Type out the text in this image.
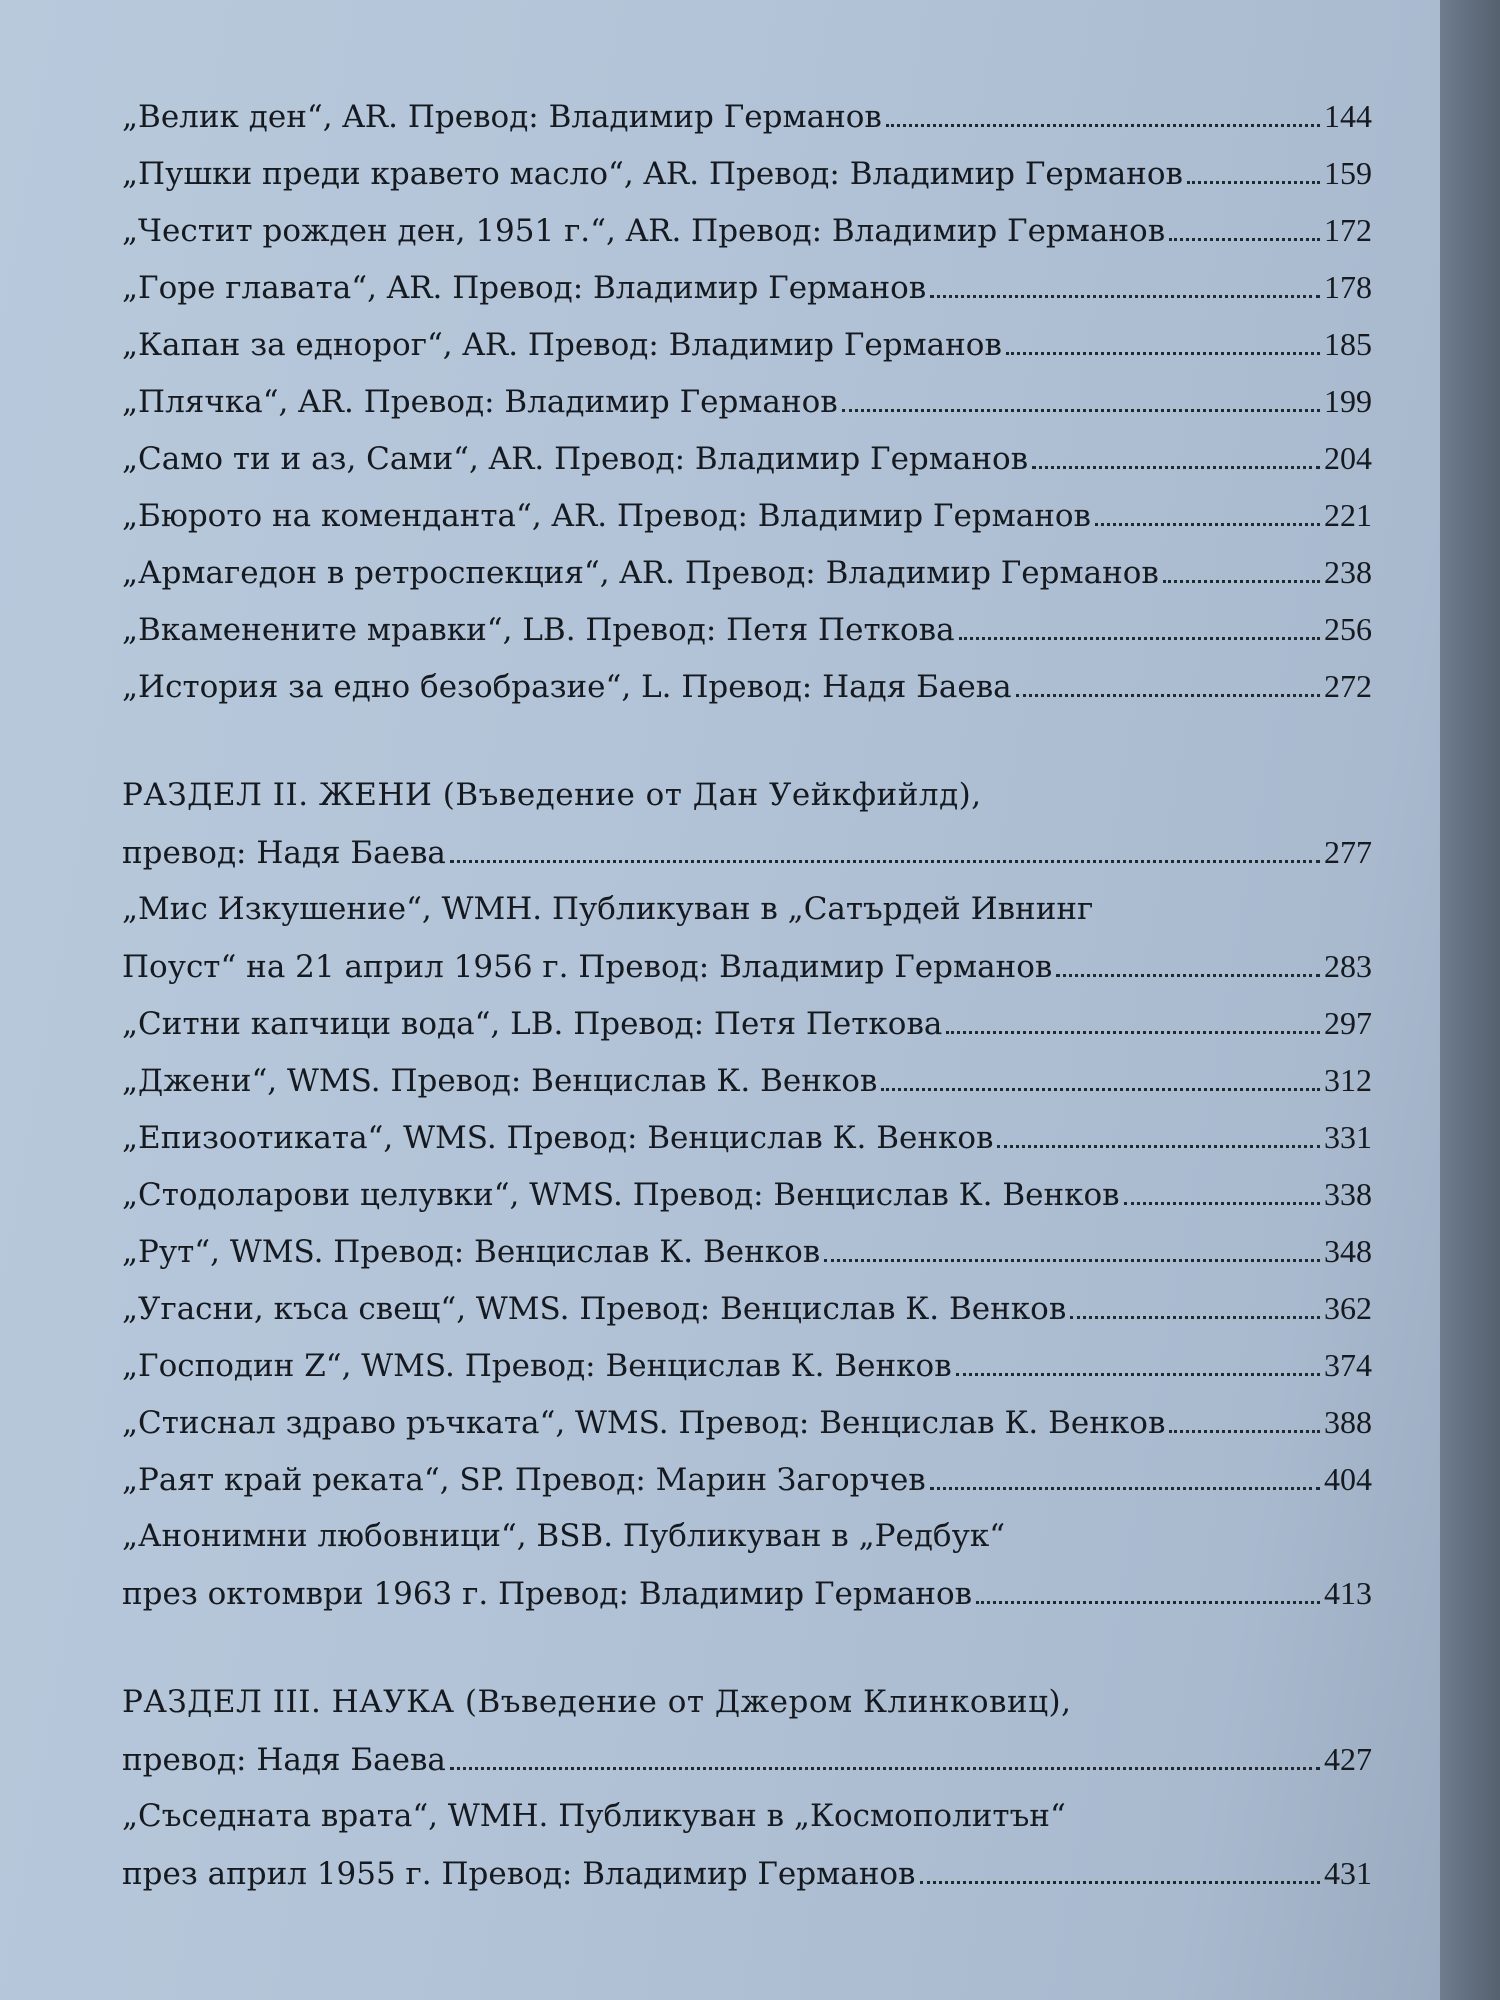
„Велик ден“, AR. Превод: Владимир Германов	144
„Пушки преди кравето масло“, AR. Превод: Владимир Германов	159
„Честит рожден ден, 1951 г.“, AR. Превод: Владимир Германов	172
„Горе главата“, AR. Превод: Владимир Германов	178
„Капан за еднорог“, AR. Превод: Владимир Германов	185
„Плячка“, AR. Превод: Владимир Германов	199
„Само ти и аз, Сами“, AR. Превод: Владимир Германов	204
„Бюрото на коменданта“, AR. Превод: Владимир Германов	221
„Армагедон в ретроспекция“, AR. Превод: Владимир Германов	238
„Вкаменените мравки“, LB. Превод: Петя Петкова	256
„История за едно безобразие“, L. Превод: Надя Баева	272
РАЗДЕЛ II. ЖЕНИ (Въведение от Дан Уейкфийлд),
превод: Надя Баева	277
„Мис Изкушение“, WMH. Публикуван в „Сатърдей Ивнинг
Поуст“ на 21 април 1956 г. Превод: Владимир Германов	283
„Ситни капчици вода“, LB. Превод: Петя Петкова	297
„Джени“, WMS. Превод: Венцислав К. Венков	312
„Епизоотиката“, WMS. Превод: Венцислав К. Венков	331
„Стодоларови целувки“, WMS. Превод: Венцислав К. Венков	338
„Рут“, WMS. Превод: Венцислав К. Венков	348
„Угасни, къса свещ“, WMS. Превод: Венцислав К. Венков	362
„Господин Z“, WMS. Превод: Венцислав К. Венков	374
„Стиснал здраво ръчката“, WMS. Превод: Венцислав К. Венков	388
„Раят край реката“, SP. Превод: Марин Загорчев	404
„Анонимни любовници“, BSB. Публикуван в „Редбук“
през октомври 1963 г. Превод: Владимир Германов	413
РАЗДЕЛ III. НАУКА (Въведение от Джером Клинковиц),
превод: Надя Баева	427
„Съседната врата“, WMH. Публикуван в „Космополитън“
през април 1955 г. Превод: Владимир Германов	431
